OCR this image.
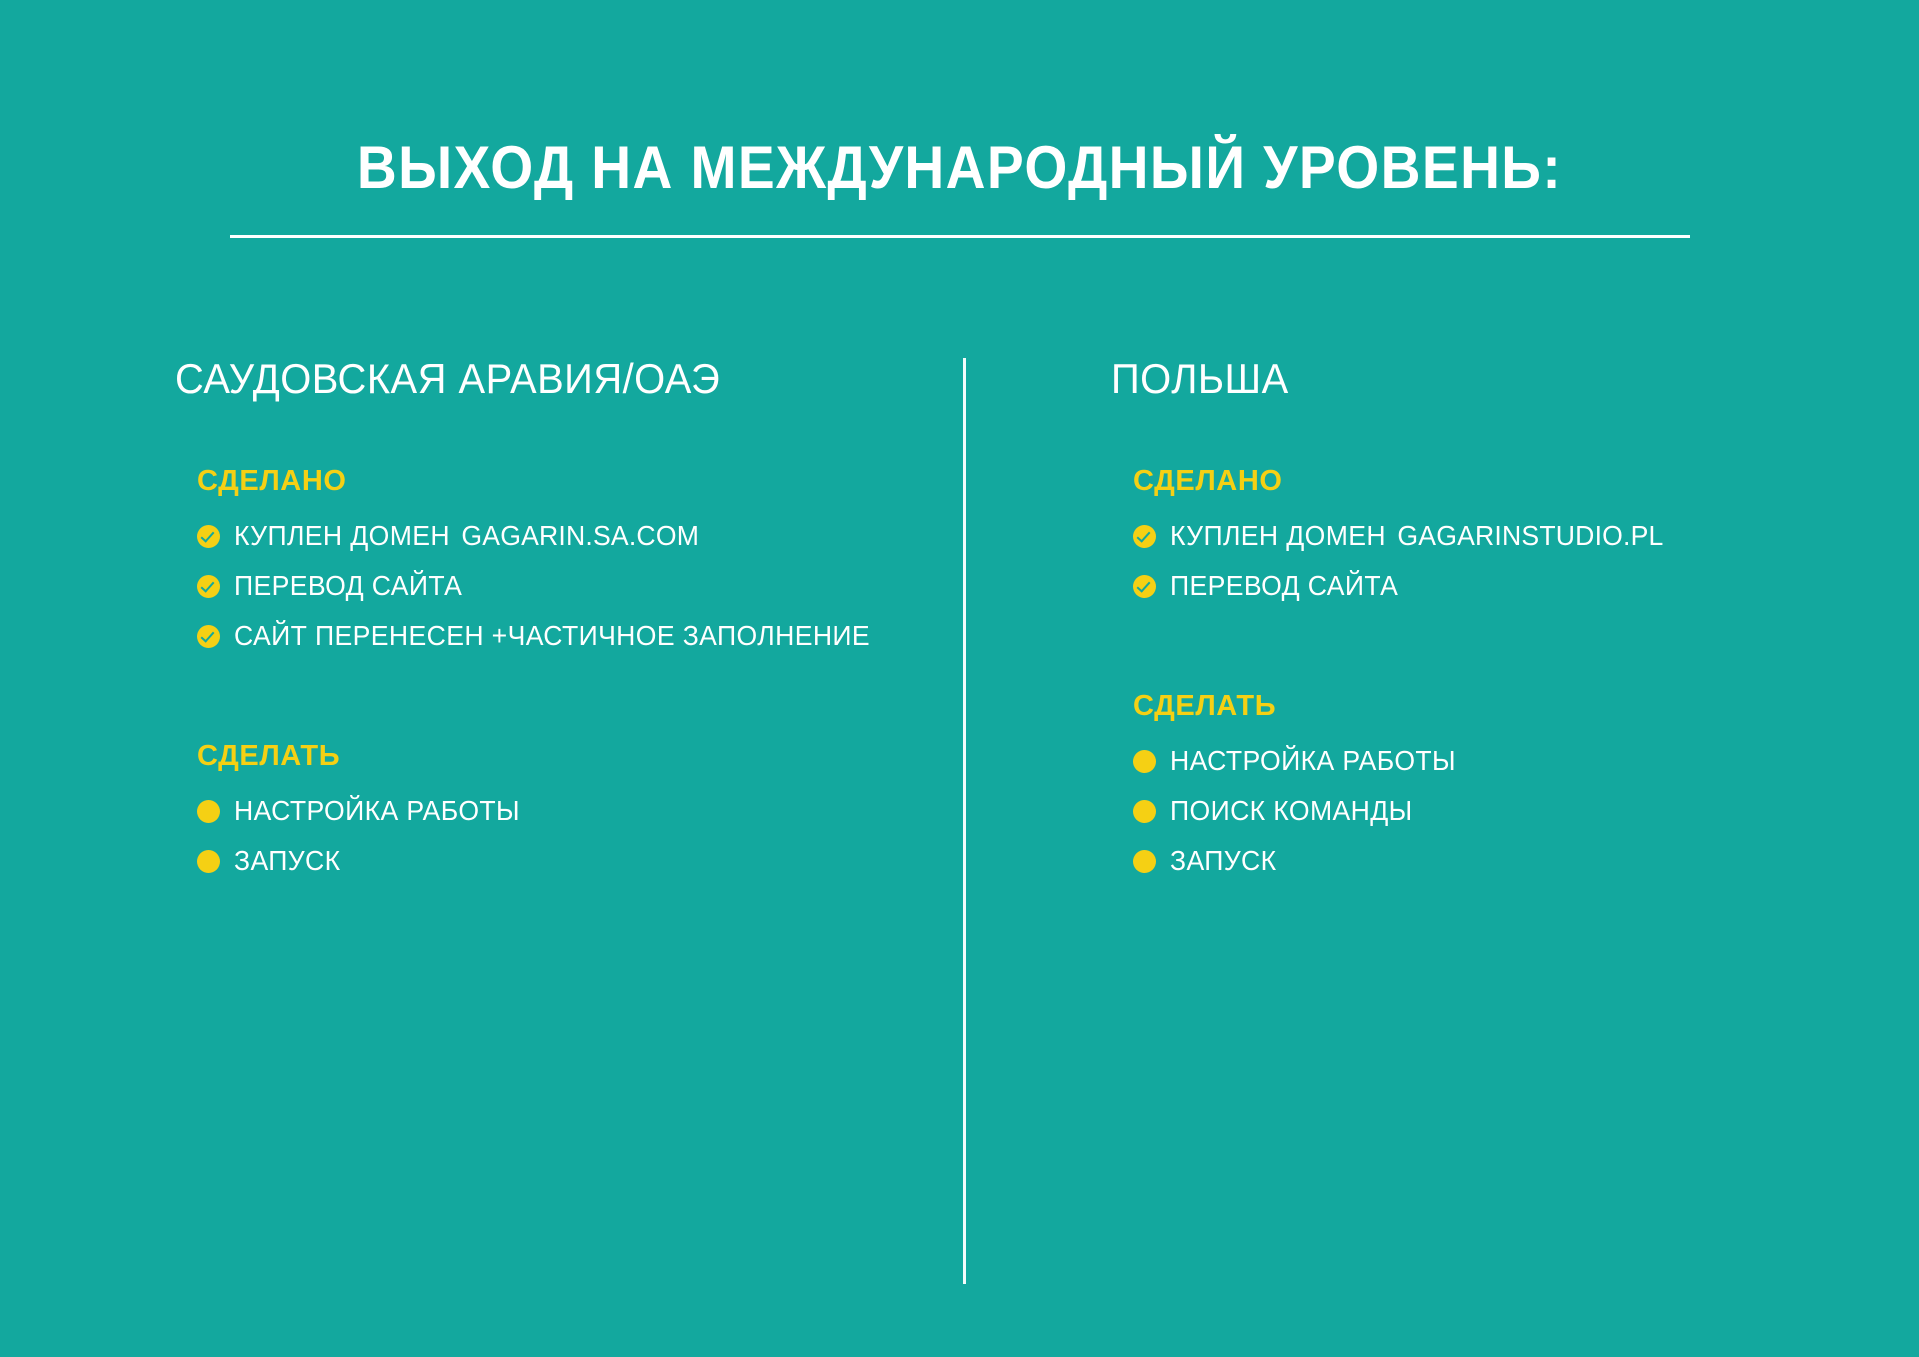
ВЫХОД НА МЕЖДУНАРОДНЫЙ УРОВЕНЬ:
САУДОВСКАЯ АРАВИЯ/ОАЭ
СДЕЛАНО
КУПЛЕН ДОМЕН GAGARIN.SA.COM
ПЕРЕВОД САЙТА
САЙТ ПЕРЕНЕСЕН +ЧАСТИЧНОЕ ЗАПОЛНЕНИЕ
СДЕЛАТЬ
НАСТРОЙКА РАБОТЫ
ЗАПУСК
ПОЛЬША
СДЕЛАНО
КУПЛЕН ДОМЕН GAGARINSTUDIO.PL
ПЕРЕВОД САЙТА
СДЕЛАТЬ
НАСТРОЙКА РАБОТЫ
ПОИСК КОМАНДЫ
ЗАПУСК
